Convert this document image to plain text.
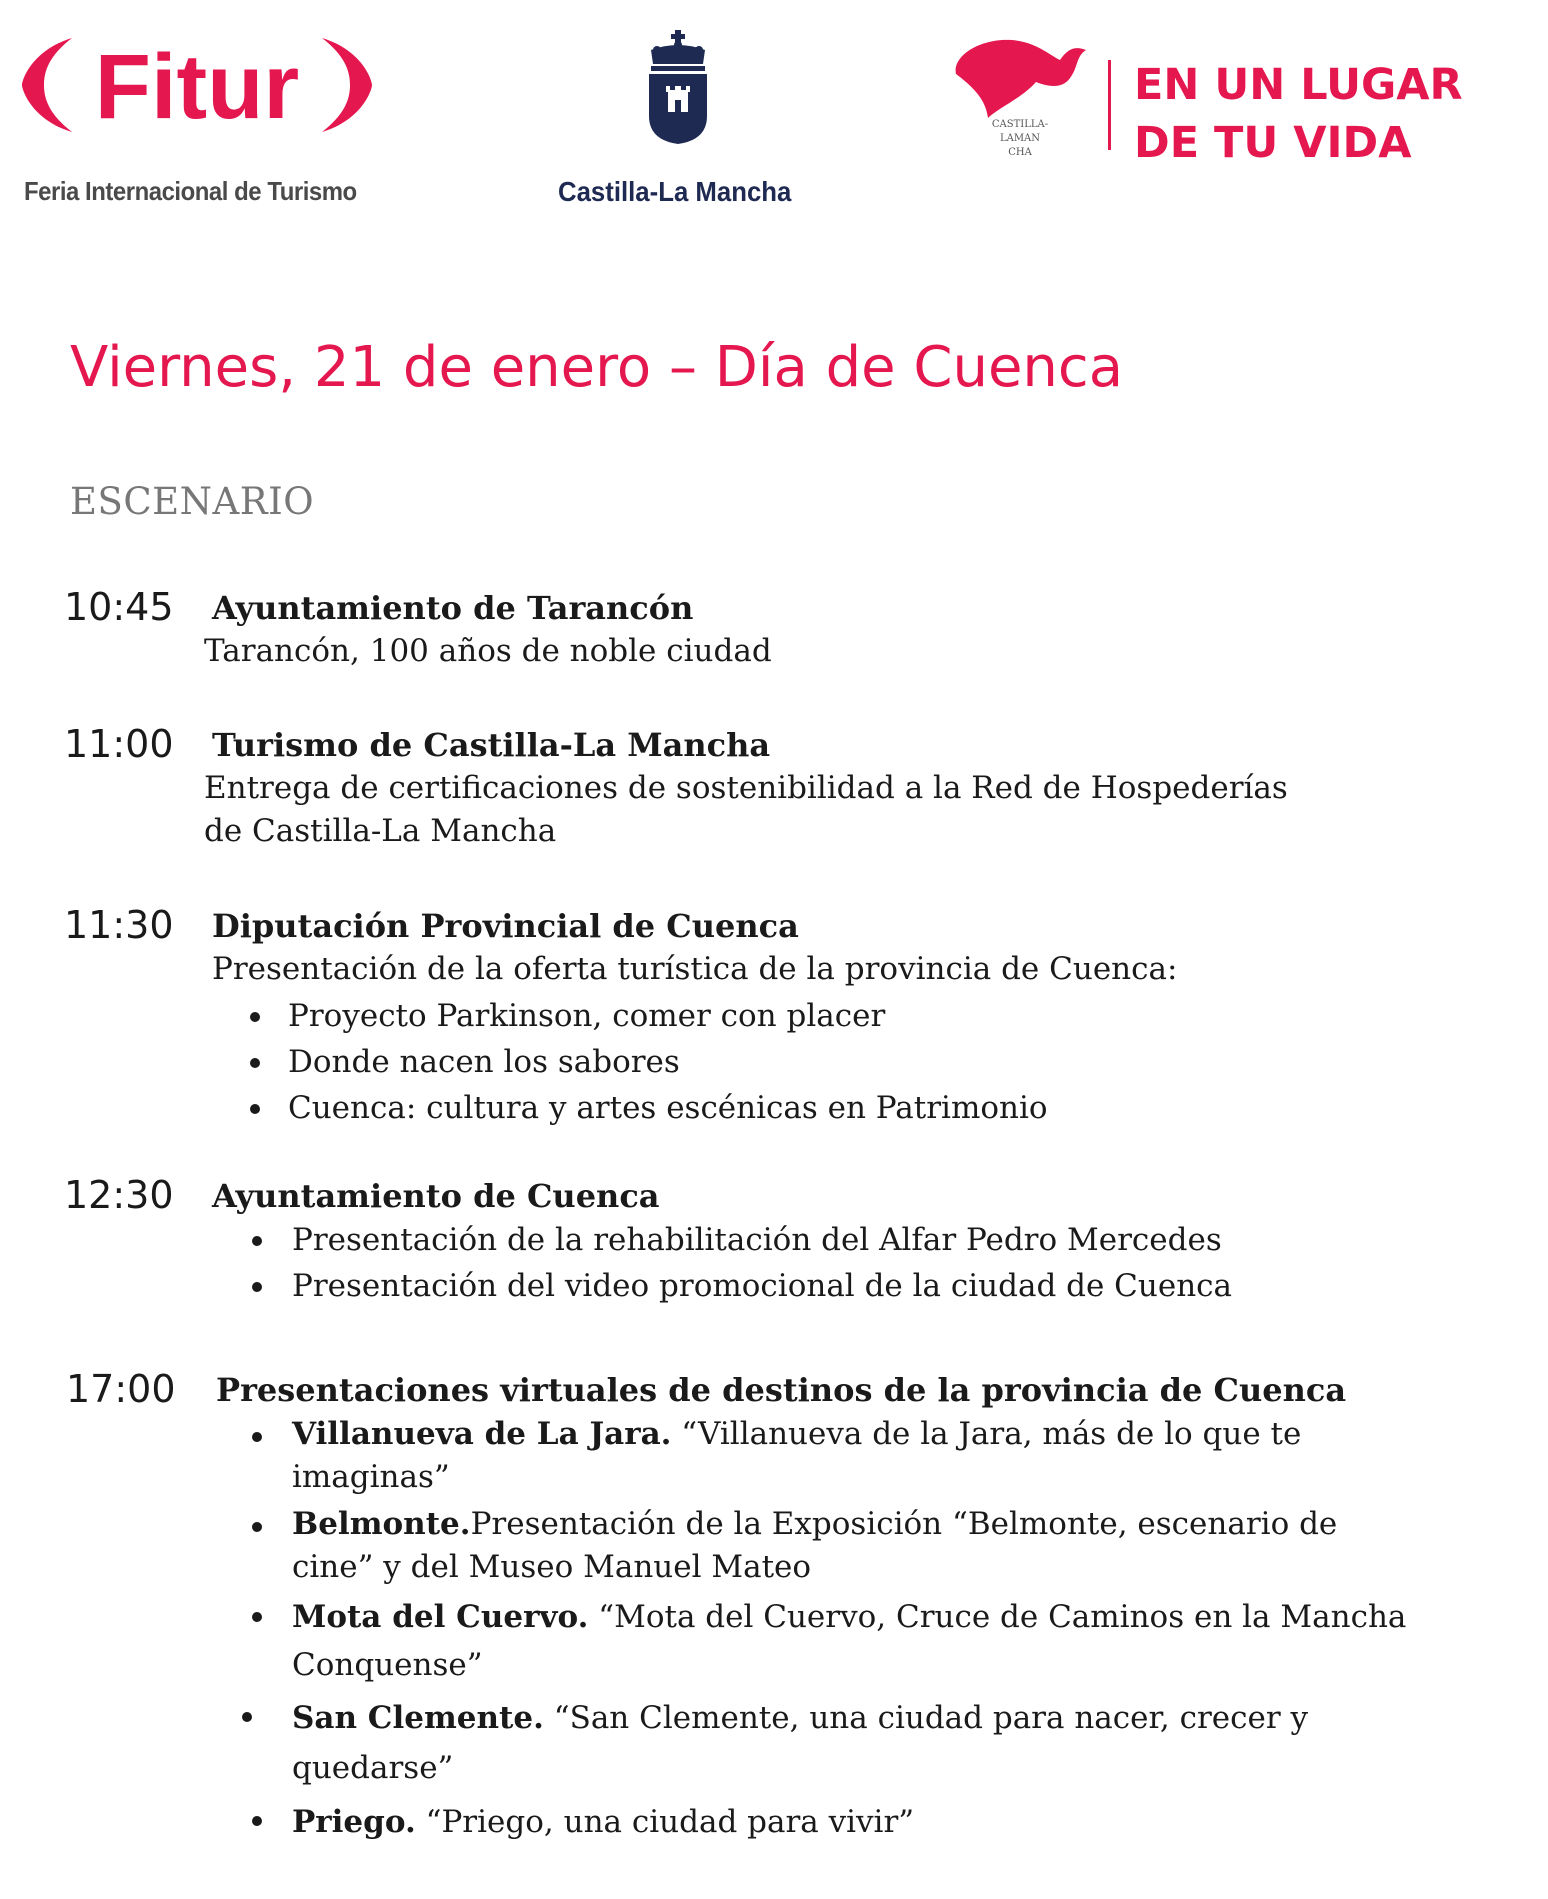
Fitur
Feria Internacional de Turismo	Castilla-La Mancha
CASTILLA-
LAMAN
CHA
EN UN LUGAR
DE TU VIDA
Viernes, 21 de enero – Día de Cuenca
ESCENARIO
10:45 Ayuntamiento de Tarancón
Tarancón, 100 años de noble ciudad
11:00 Turismo de Castilla-La Mancha
Entrega de certificaciones de sostenibilidad a la Red de Hospederías
de Castilla-La Mancha
11:30 Diputación Provincial de Cuenca
Presentación de la oferta turística de la provincia de Cuenca:
Proyecto Parkinson, comer con placer
Donde nacen los sabores
Cuenca: cultura y artes escénicas en Patrimonio
12:30 Ayuntamiento de Cuenca
Presentación de la rehabilitación del Alfar Pedro Mercedes
Presentación del video promocional de la ciudad de Cuenca
17:00 Presentaciones virtuales de destinos de la provincia de Cuenca
Villanueva de La Jara. “Villanueva de la Jara, más de lo que te
imaginas”
Belmonte.Presentación de la Exposición “Belmonte, escenario de
cine” y del Museo Manuel Mateo
Mota del Cuervo. “Mota del Cuervo, Cruce de Caminos en la Mancha
Conquense”
San Clemente. “San Clemente, una ciudad para nacer, crecer y
quedarse”
Priego. “Priego, una ciudad para vivir”
